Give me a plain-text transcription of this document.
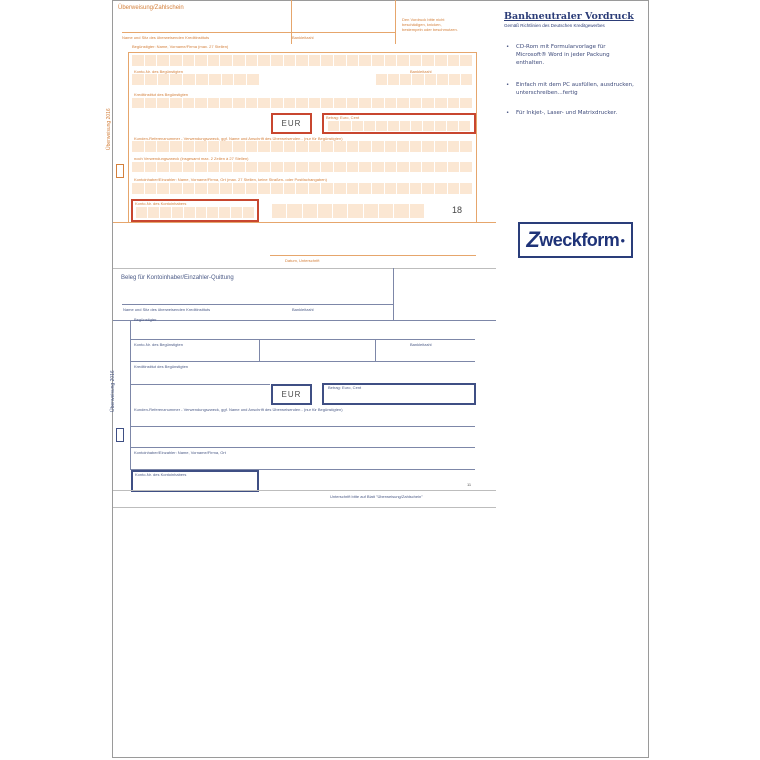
Überweisung/Zahlschein
Den Vordruck bitte nicht
beschädigen, knicken,
bestempeln oder beschmutzen.
Name und Sitz des überweisenden Kreditinstituts	Bankleitzahl
Begünstigter: Name, Vorname/Firma (max. 27 Stellen)
Konto-Nr. des Begünstigten	Bankleitzahl
Kreditinstitut des Begünstigten
EUR
Betrag: Euro, Cent
Kunden-Referenznummer - Verwendungszweck, ggf. Name und Anschrift des Überweisenden - (nur für Begünstigten)
noch Verwendungszweck (insgesamt max. 2 Zeilen à 27 Stellen)
Kontoinhaber/Einzahler: Name, Vorname/Firma, Ort (max. 27 Stellen, keine Straßen- oder Postfachangaben)
Konto-Nr. des Kontoinhabers
18
Überweisung 2016
Datum, Unterschrift
Beleg für Kontoinhaber/Einzahler-Quittung
Name und Sitz des überweisenden Kreditinstituts	Bankleitzahl
Begünstigter
Konto-Nr. des Begünstigten	Bankleitzahl
Kreditinstitut des Begünstigten
EUR
Betrag: Euro, Cent
Kunden-Referenznummer - Verwendungszweck, ggf. Name und Anschrift des Überweisenden - (nur für Begünstigten)
Kontoinhaber/Einzahler: Name, Vorname/Firma, Ort
Konto-Nr. des Kontoinhabers
11
Überweisung 2016
Unterschrift bitte auf Blatt "Überweisung/Zahlschein"
Bankneutraler Vordruck
Gemäß Richtlinien des Deutschen Kreditgewerbes
• CD-Rom mit Formularvorlage für Microsoft® Word in jeder Packung enthalten.
• Einfach mit dem PC ausfüllen, ausdrucken, unterschreiben...fertig
• Für Inkjet-, Laser- und Matrixdrucker.
Z weckform ●
